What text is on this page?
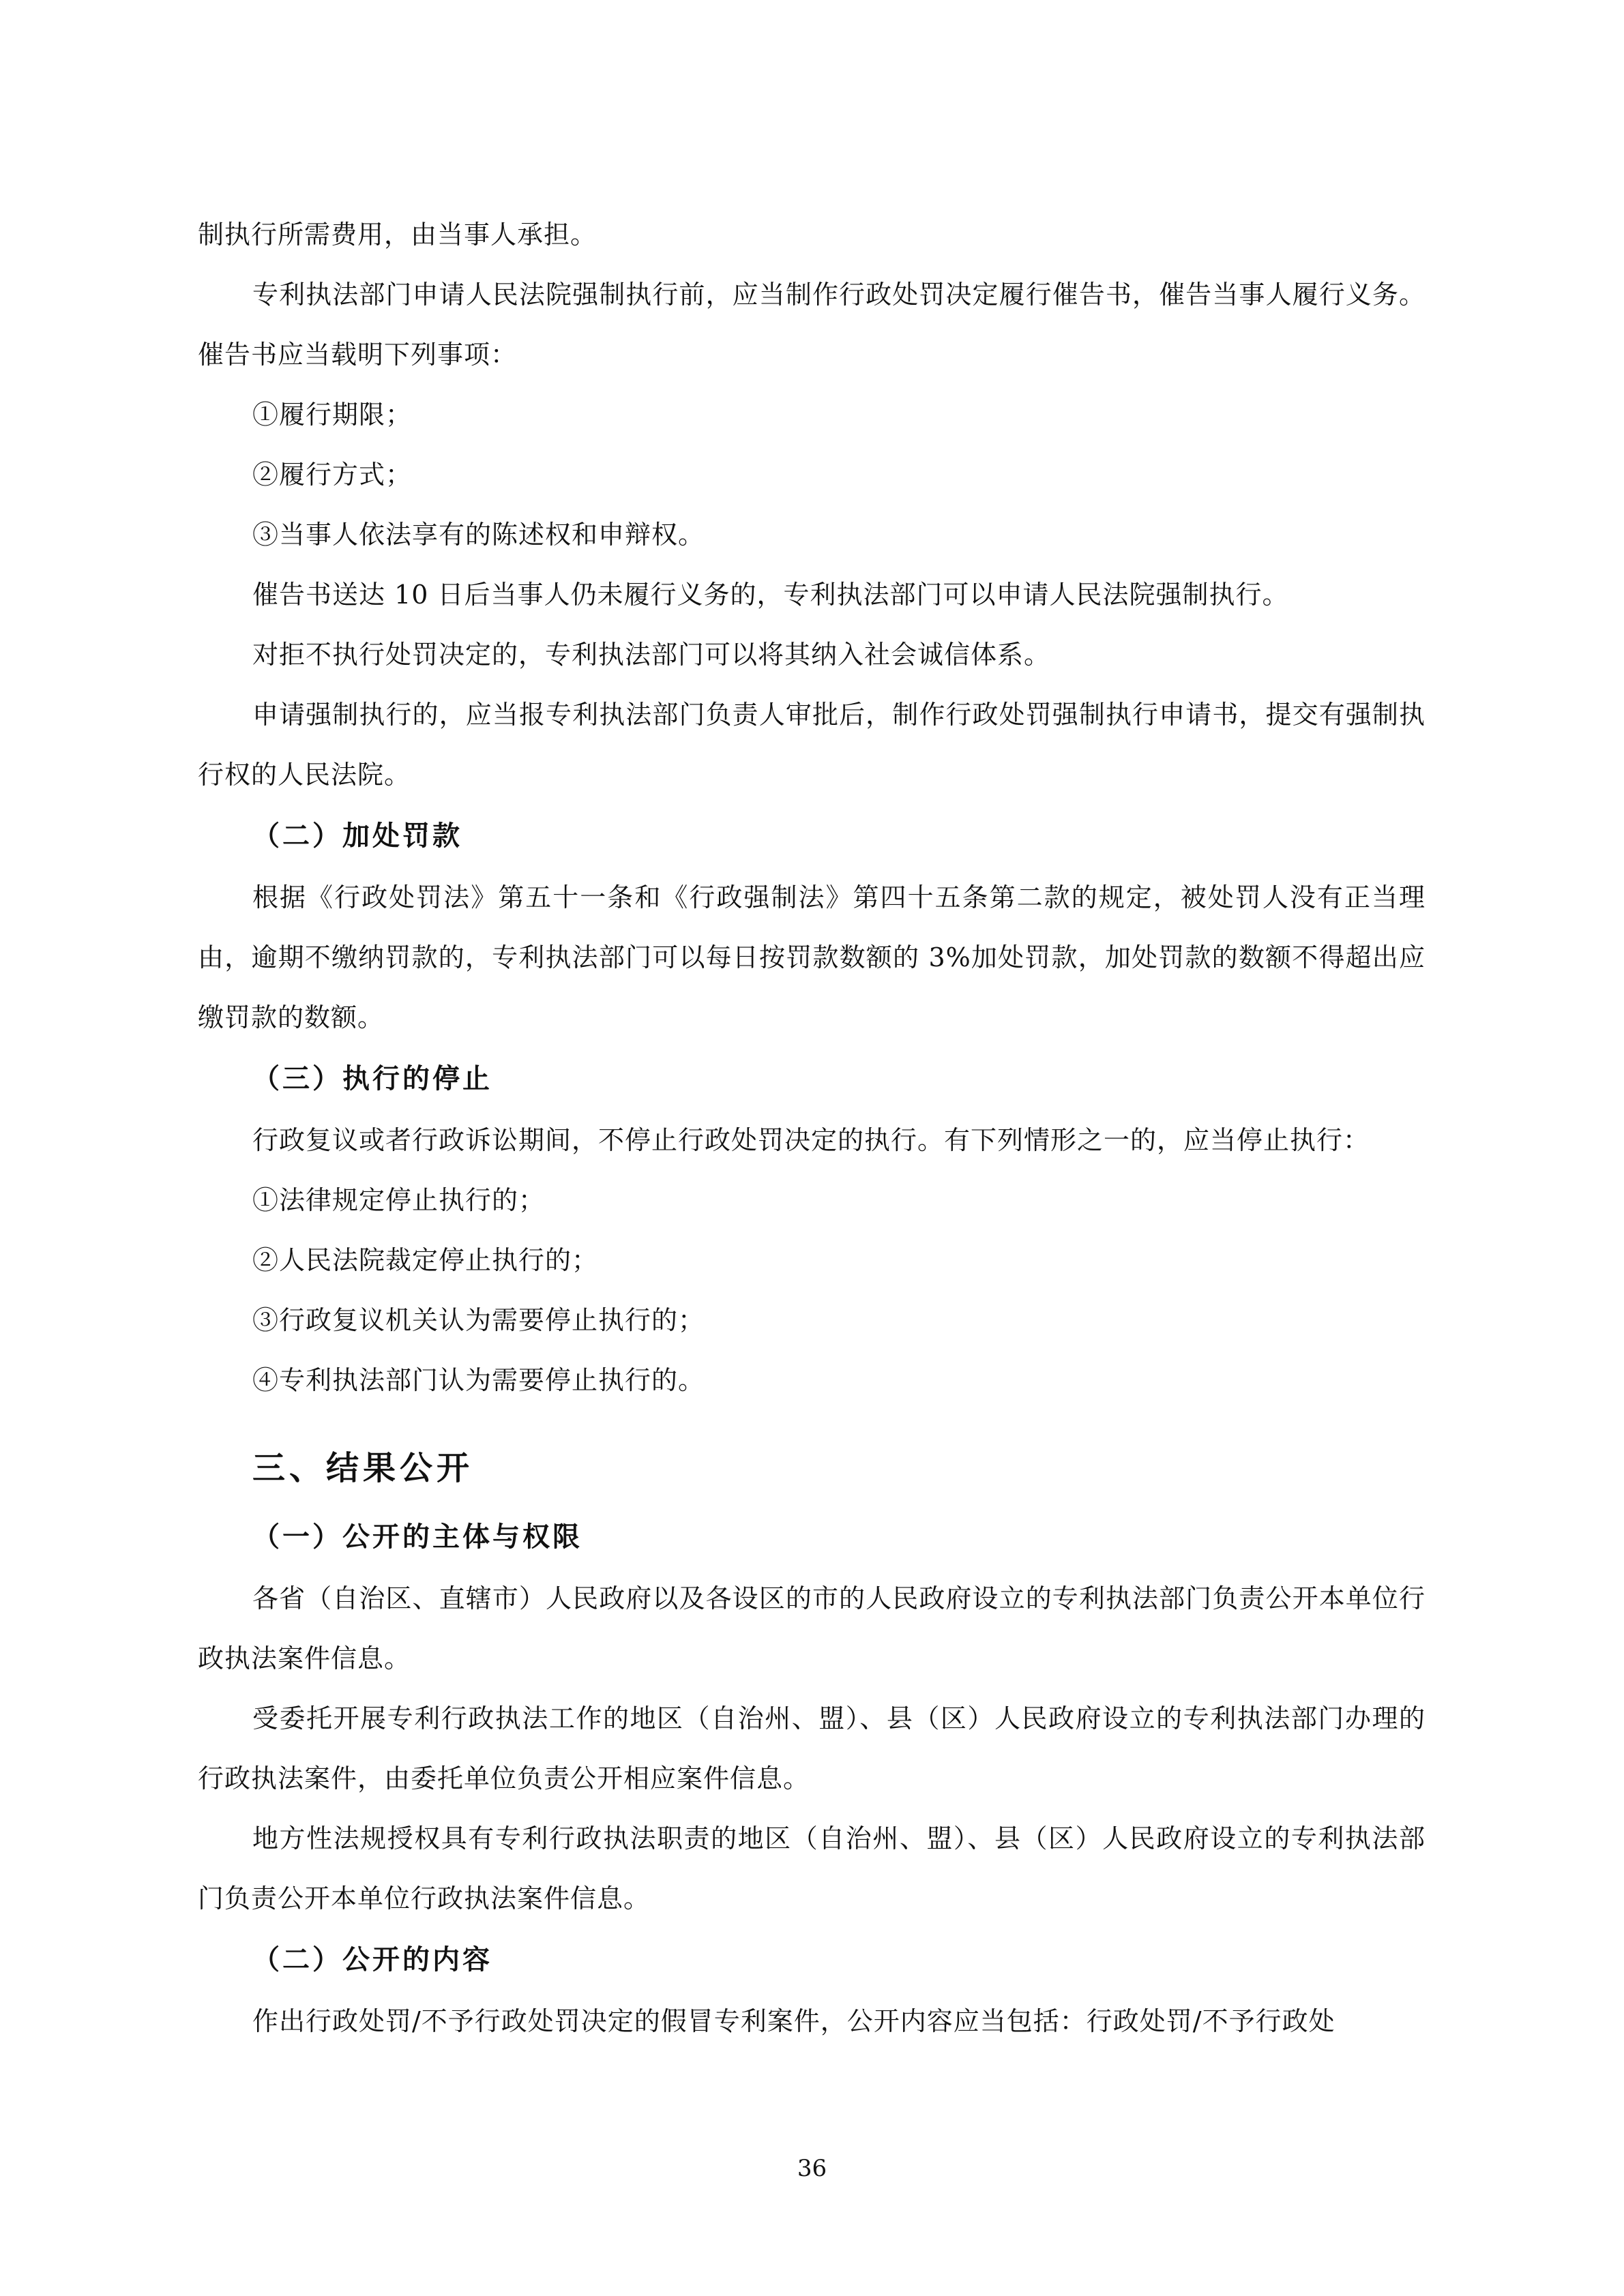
制执行所需费用，由当事人承担。

专利执法部门申请人民法院强制执行前，应当制作行政处罚决定履行催告书，催告当事人履行义务。催告书应当载明下列事项：

①履行期限；

②履行方式；

③当事人依法享有的陈述权和申辩权。

催告书送达 10 日后当事人仍未履行义务的，专利执法部门可以申请人民法院强制执行。

对拒不执行处罚决定的，专利执法部门可以将其纳入社会诚信体系。

申请强制执行的，应当报专利执法部门负责人审批后，制作行政处罚强制执行申请书，提交有强制执行权的人民法院。

（二）加处罚款

根据《行政处罚法》第五十一条和《行政强制法》第四十五条第二款的规定，被处罚人没有正当理由，逾期不缴纳罚款的，专利执法部门可以每日按罚款数额的 3%加处罚款，加处罚款的数额不得超出应缴罚款的数额。

（三）执行的停止

行政复议或者行政诉讼期间，不停止行政处罚决定的执行。有下列情形之一的，应当停止执行：

①法律规定停止执行的；

②人民法院裁定停止执行的；

③行政复议机关认为需要停止执行的；

④专利执法部门认为需要停止执行的。

三、结果公开

（一）公开的主体与权限

各省（自治区、直辖市）人民政府以及各设区的市的人民政府设立的专利执法部门负责公开本单位行政执法案件信息。

受委托开展专利行政执法工作的地区（自治州、盟）、县（区）人民政府设立的专利执法部门办理的行政执法案件，由委托单位负责公开相应案件信息。

地方性法规授权具有专利行政执法职责的地区（自治州、盟）、县（区）人民政府设立的专利执法部门负责公开本单位行政执法案件信息。

（二）公开的内容

作出行政处罚/不予行政处罚决定的假冒专利案件，公开内容应当包括：行政处罚/不予行政处

36
